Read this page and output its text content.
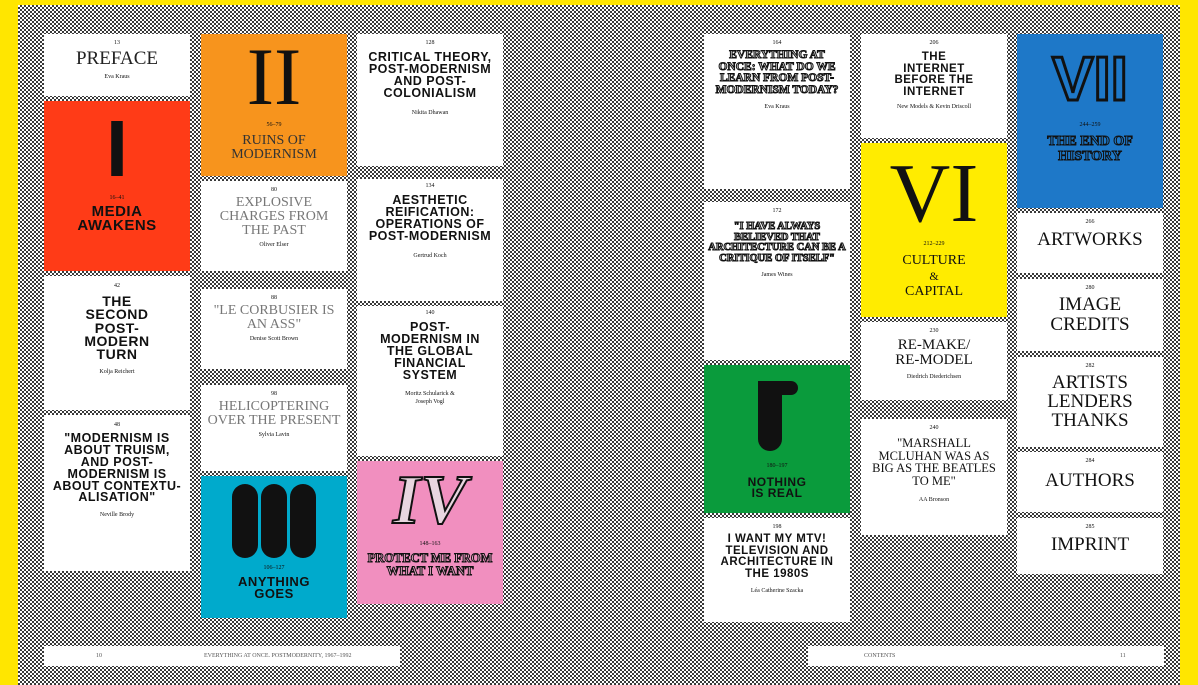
13
PREFACE
Eva Kraus
I
16–41
MEDIA AWAKENS
42
THE SECOND POST-MODERN TURN
Kolja Reichert
48
"MODERNISM IS ABOUT TRUISM, AND POST-MODERNISM IS ABOUT CONTEXTU-ALISATION"
Neville Brody
II
56–79
RUINS OF MODERNISM
80
EXPLOSIVE CHARGES FROM THE PAST
Oliver Elser
88
"LE CORBUSIER IS AN ASS"
Denise Scott Brown
98
HELICOPTERING OVER THE PRESENT
Sylvia Lavin
106–127
ANYTHING GOES
128
CRITICAL THEORY, POST-MODERNISM AND POST-COLONIALISM
Nikita Dhawan
134
AESTHETIC REIFICATION: OPERATIONS OF POST-MODERNISM
Gertrud Koch
140
POST-MODERNISM IN THE GLOBAL FINANCIAL SYSTEM
Moritz Schularick & Joseph Vogl
IV
148–163
PROTECT ME FROM WHAT I WANT
164
EVERYTHING AT ONCE: WHAT DO WE LEARN FROM POST-MODERNISM TODAY?
Eva Kraus
172
"I HAVE ALWAYS BELIEVED THAT ARCHITECTURE CAN BE A CRITIQUE OF ITSELF"
James Wines
180–197
NOTHING IS REAL
198
I WANT MY MTV! TELEVISION AND ARCHITECTURE IN THE 1980S
Léa Catherine Szacka
206
THE INTERNET BEFORE THE INTERNET
New Models & Kevin Driscoll
VI
212–229
CULTURE
&
CAPITAL
230
RE-MAKE/ RE-MODEL
Diedrich Diederichsen
240
"MARSHALL MCLUHAN WAS AS BIG AS THE BEATLES TO ME"
AA Bronson
VII
244–259
THE END OF HISTORY
266
ARTWORKS
280
IMAGE CREDITS
282
ARTISTS LENDERS THANKS
284
AUTHORS
285
IMPRINT
10	EVERYTHING AT ONCE. POSTMODERNITY, 1967–1992	CONTENTS	11
